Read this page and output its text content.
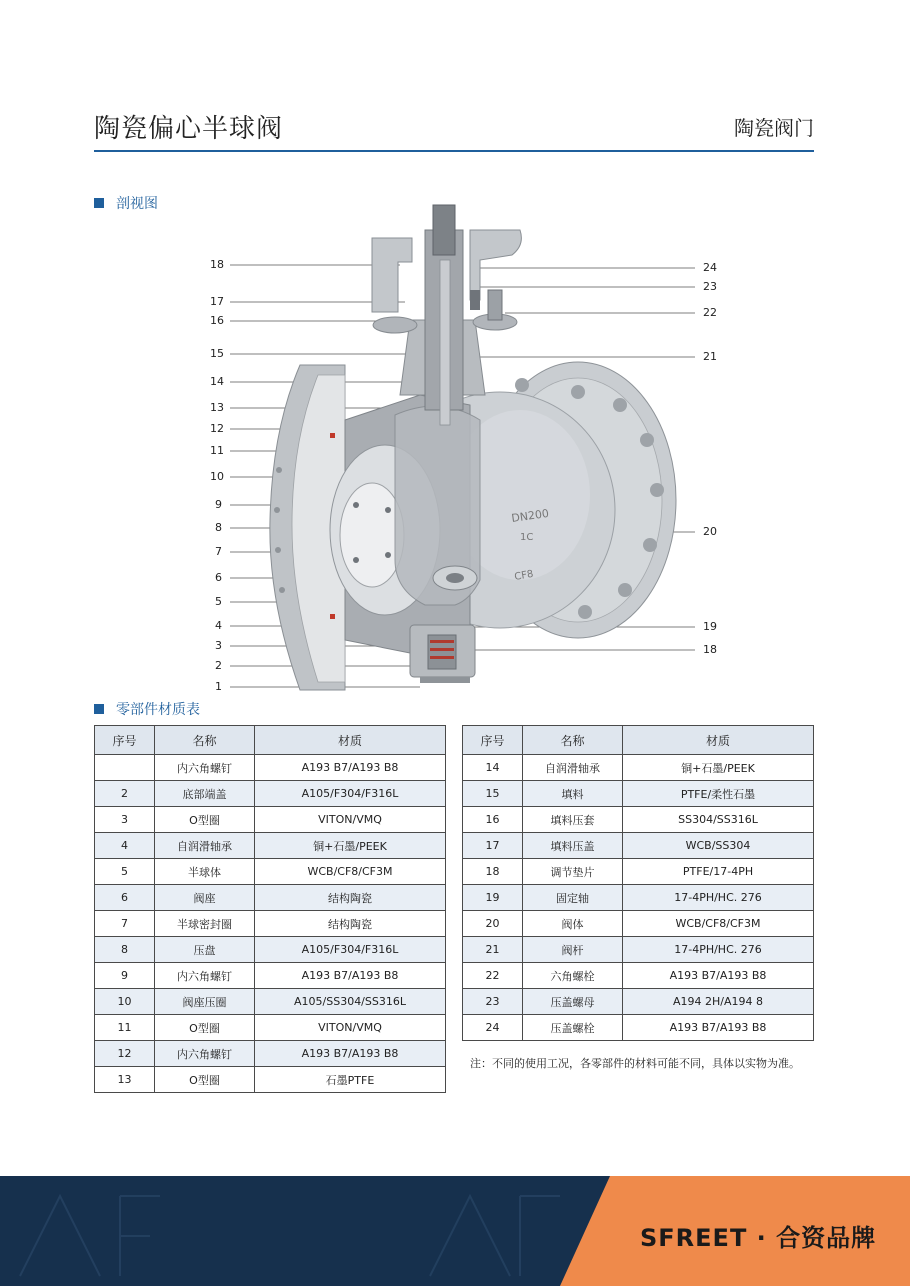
陶瓷偏心半球阀	陶瓷阀门
剖视图
DN200
1C
CF8
18
17
16
15
14
13
12
11
10
9
8
7
6
5
4
3
2
1
24
23
22
21
20
19
18
零部件材质表
序号	名称	材质
	内六角螺钉	A193 B7/A193 B8
2	底部端盖	A105/F304/F316L
3	O型圈	VITON/VMQ
4	自润滑轴承	铜+石墨/PEEK
5	半球体	WCB/CF8/CF3M
6	阀座	结构陶瓷
7	半球密封圈	结构陶瓷
8	压盘	A105/F304/F316L
9	内六角螺钉	A193 B7/A193 B8
10	阀座压圈	A105/SS304/SS316L
11	O型圈	VITON/VMQ
12	内六角螺钉	A193 B7/A193 B8
13	O型圈	石墨PTFE
序号	名称	材质
14	自润滑轴承	铜+石墨/PEEK
15	填料	PTFE/柔性石墨
16	填料压套	SS304/SS316L
17	填料压盖	WCB/SS304
18	调节垫片	PTFE/17-4PH
19	固定轴	17-4PH/HC. 276
20	阀体	WCB/CF8/CF3M
21	阀杆	17-4PH/HC. 276
22	六角螺栓	A193 B7/A193 B8
23	压盖螺母	A194 2H/A194 8
24	压盖螺栓	A193 B7/A193 B8
注：不同的使用工况，各零部件的材料可能不同，具体以实物为准。
SFREET · 合资品牌
